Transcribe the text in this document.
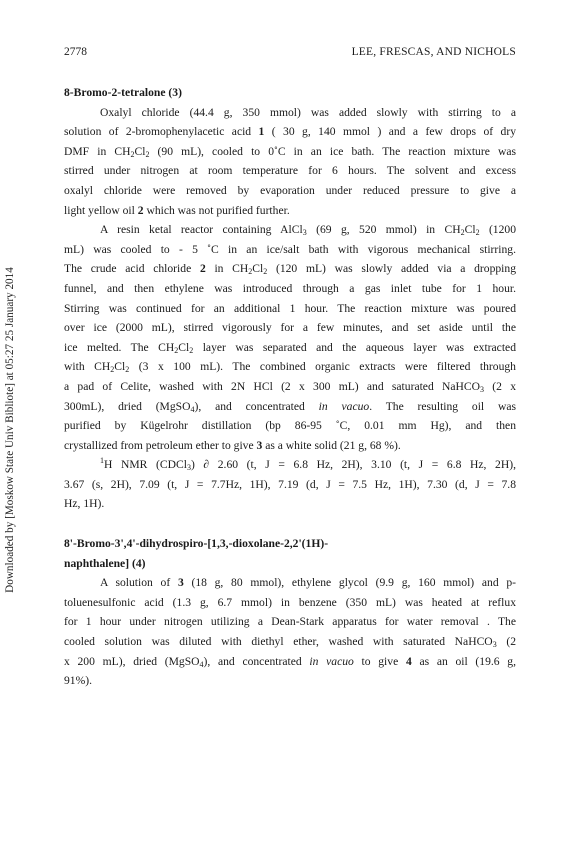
Downloaded by [Moskow State Univ Bibliote] at 05:27 25 January 2014
2778	LEE, FRESCAS, AND NICHOLS
8-Bromo-2-tetralone (3)
Oxalyl chloride (44.4 g, 350 mmol) was added slowly with stirring to a
solution of 2-bromophenylacetic acid 1 ( 30 g, 140 mmol ) and a few drops of dry
DMF in $CH_2Cl_2$ (90 mL), cooled to 0˚C in an ice bath. The reaction mixture was
stirred under nitrogen at room temperature for 6 hours. The solvent and excess
oxalyl chloride were removed by evaporation under reduced pressure to give a
light yellow oil 2 which was not purified further.
A resin ketal reactor containing AlCl$_3$ (69 g, 520 mmol) in $CH_2Cl_2$ (1200
mL) was cooled to - 5 ˚C in an ice/salt bath with vigorous mechanical stirring.
The crude acid chloride 2 in $CH_2Cl_2$ (120 mL) was slowly added via a dropping
funnel, and then ethylene was introduced through a gas inlet tube for 1 hour.
Stirring was continued for an additional 1 hour. The reaction mixture was poured
over ice (2000 mL), stirred vigorously for a few minutes, and set aside until the
ice melted. The $CH_2Cl_2$ layer was separated and the aqueous layer was extracted
with $CH_2Cl_2$ (3 x 100 mL). The combined organic extracts were filtered through
a pad of Celite, washed with 2N HCl (2 x 300 mL) and saturated NaHCO$_3$ (2 x
300mL), dried (MgSO$_4$), and concentrated in vacuo. The resulting oil was
purified by Kügelrohr distillation (bp 86-95 ˚C, 0.01 mm Hg), and then
crystallized from petroleum ether to give 3 as a white solid (21 g, 68 %).
$^1$H NMR (CDCl$_3$) ∂ 2.60 (t, J = 6.8 Hz, 2H), 3.10 (t, J = 6.8 Hz, 2H),
3.67 (s, 2H), 7.09 (t, J = 7.7Hz, 1H), 7.19 (d, J = 7.5 Hz, 1H), 7.30 (d, J = 7.8
Hz, 1H).
8'-Bromo-3',4'-dihydrospiro-[1,3,-dioxolane-2,2'(1H)-
naphthalene] (4)
A solution of 3 (18 g, 80 mmol), ethylene glycol (9.9 g, 160 mmol) and p-
toluenesulfonic acid (1.3 g, 6.7 mmol) in benzene (350 mL) was heated at reflux
for 1 hour under nitrogen utilizing a Dean-Stark apparatus for water removal . The
cooled solution was diluted with diethyl ether, washed with saturated NaHCO$_3$ (2
x 200 mL), dried (MgSO$_4$), and concentrated in vacuo to give 4 as an oil (19.6 g,
91%).
